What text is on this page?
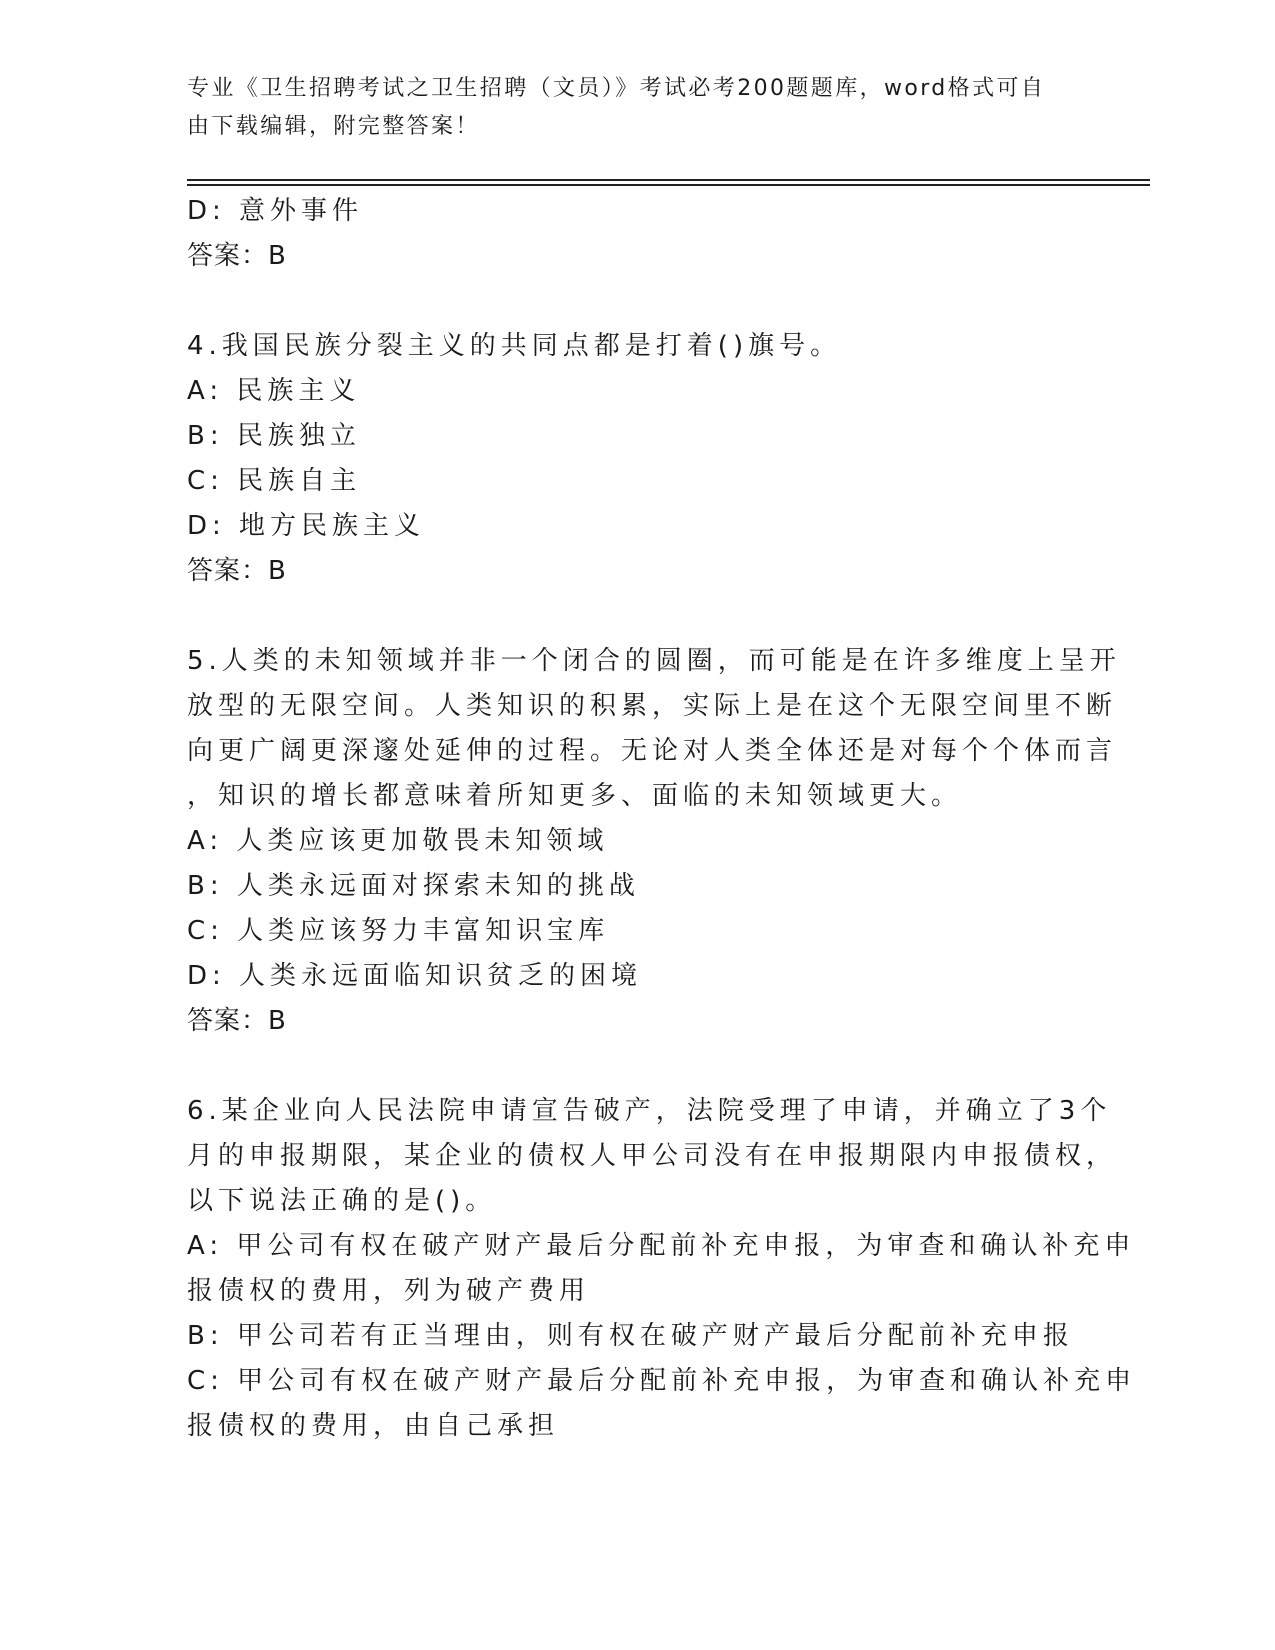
专业《卫生招聘考试之卫生招聘（文员）》考试必考200题题库，word格式可自
由下载编辑，附完整答案！
D: 意外事件
答案：B
4.我国民族分裂主义的共同点都是打着()旗号。
A: 民族主义
B: 民族独立
C: 民族自主
D: 地方民族主义
答案：B
5.人类的未知领域并非一个闭合的圆圈，而可能是在许多维度上呈开
放型的无限空间。人类知识的积累，实际上是在这个无限空间里不断
向更广阔更深邃处延伸的过程。无论对人类全体还是对每个个体而言
，知识的增长都意味着所知更多、面临的未知领域更大。
A: 人类应该更加敬畏未知领域
B: 人类永远面对探索未知的挑战
C: 人类应该努力丰富知识宝库
D: 人类永远面临知识贫乏的困境
答案：B
6.某企业向人民法院申请宣告破产，法院受理了申请，并确立了3个
月的申报期限，某企业的债权人甲公司没有在申报期限内申报债权，
以下说法正确的是()。
A: 甲公司有权在破产财产最后分配前补充申报，为审查和确认补充申
报债权的费用，列为破产费用
B: 甲公司若有正当理由，则有权在破产财产最后分配前补充申报
C: 甲公司有权在破产财产最后分配前补充申报，为审查和确认补充申
报债权的费用，由自己承担
